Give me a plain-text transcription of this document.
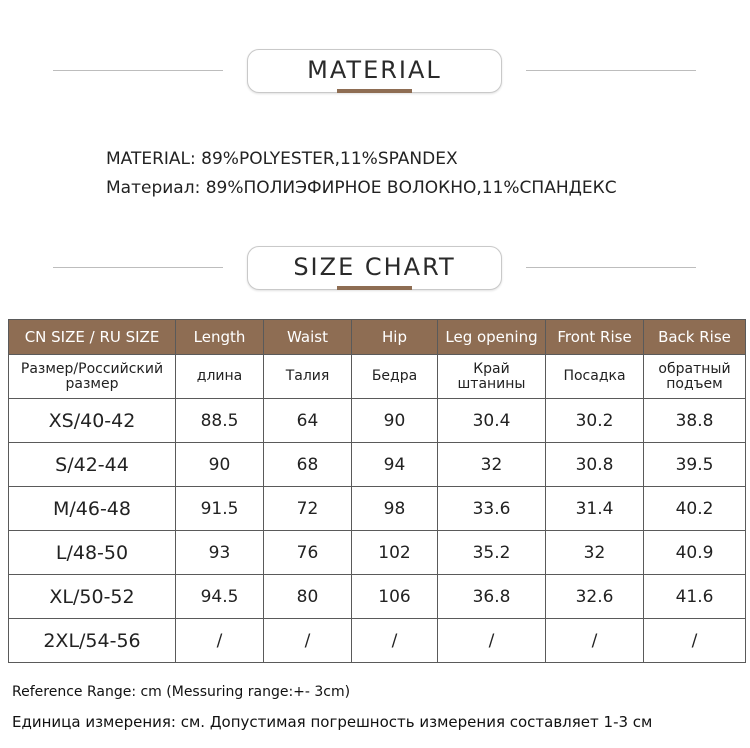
MATERIAL
MATERIAL: 89%POLYESTER,11%SPANDEX
Материал: 89%ПОЛИЭФИРНОЕ ВОЛОКНО,11%СПАНДЕКС
SIZE CHART
CN SIZE / RU SIZE	Length	Waist	Hip	Leg opening	Front Rise	Back Rise
Размер/Российский размер	длина	Талия	Бедра	Край штанины	Посадка	обратный подъем
XS/40-42	88.5	64	90	30.4	30.2	38.8
S/42-44	90	68	94	32	30.8	39.5
M/46-48	91.5	72	98	33.6	31.4	40.2
L/48-50	93	76	102	35.2	32	40.9
XL/50-52	94.5	80	106	36.8	32.6	41.6
2XL/54-56	/	/	/	/	/	/
Reference Range: cm (Messuring range:+- 3cm)
Единица измерения: см. Допустимая погрешность измерения составляет 1-3 см
